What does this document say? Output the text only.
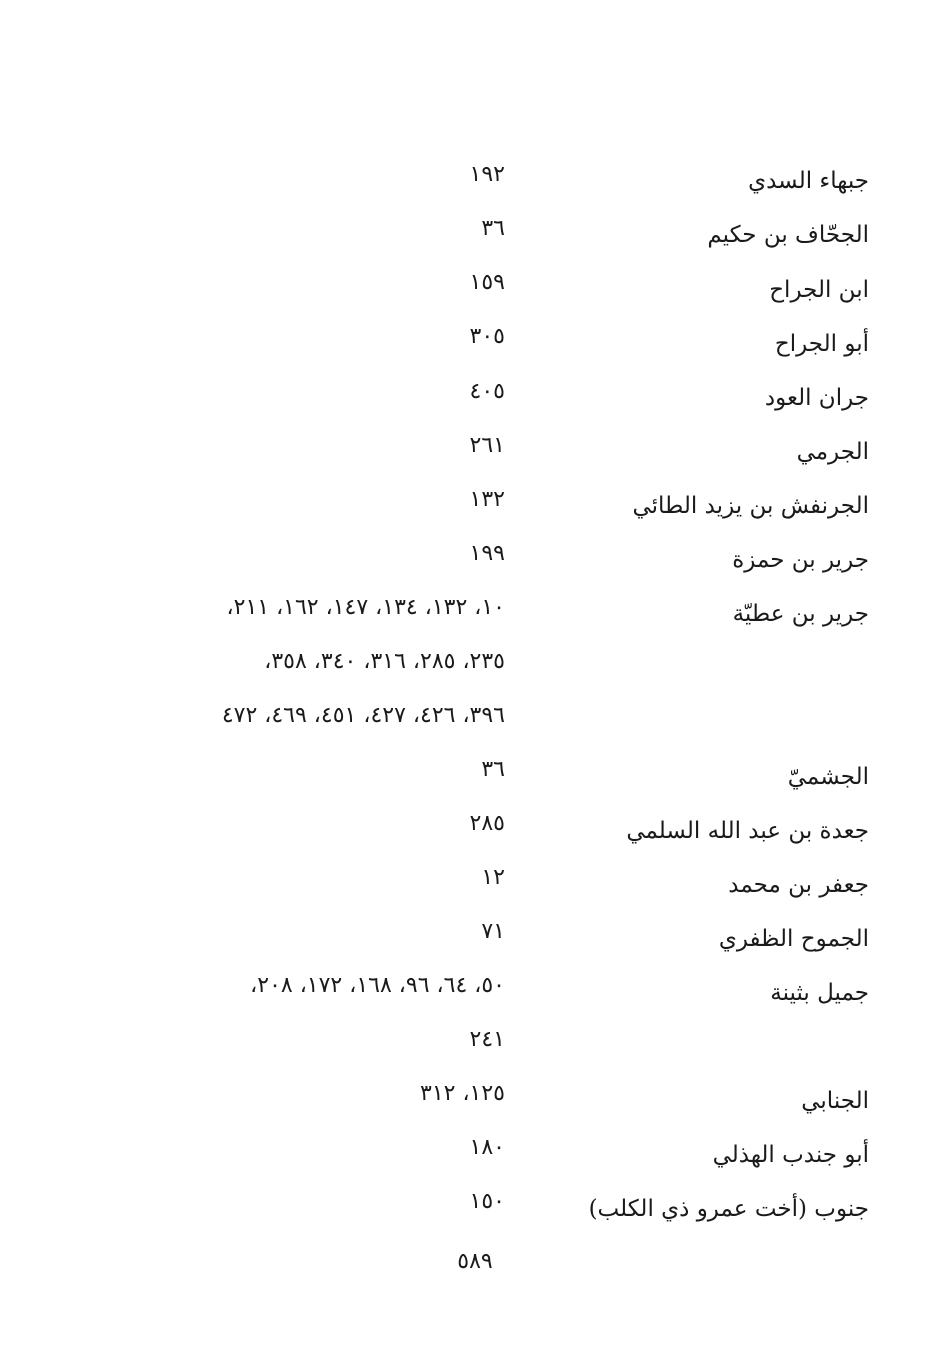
جبهاء السدي
١٩٢
الجحّاف بن حكيم
٣٦
ابن الجراح
١٥٩
أبو الجراح
٣٠٥
جران العود
٤٠٥
الجرمي
٢٦١
الجرنفش بن يزيد الطائي
١٣٢
جرير بن حمزة
١٩٩
جرير بن عطيّة
١٠، ١٣٢، ١٣٤، ١٤٧، ١٦٢، ٢١١،
٢٣٥، ٢٨٥، ٣١٦، ٣٤٠، ٣٥٨،
٣٩٦، ٤٢٦، ٤٢٧، ٤٥١، ٤٦٩، ٤٧٢
الجشميّ
٣٦
جعدة بن عبد الله السلمي
٢٨٥
جعفر بن محمد
١٢
الجموح الظفري
٧١
جميل بثينة
٥٠، ٦٤، ٩٦، ١٦٨، ١٧٢، ٢٠٨،
٢٤١
الجنابي
١٢٥، ٣١٢
أبو جندب الهذلي
١٨٠
جنوب (أخت عمرو ذي الكلب)
١٥٠
٥٨٩
